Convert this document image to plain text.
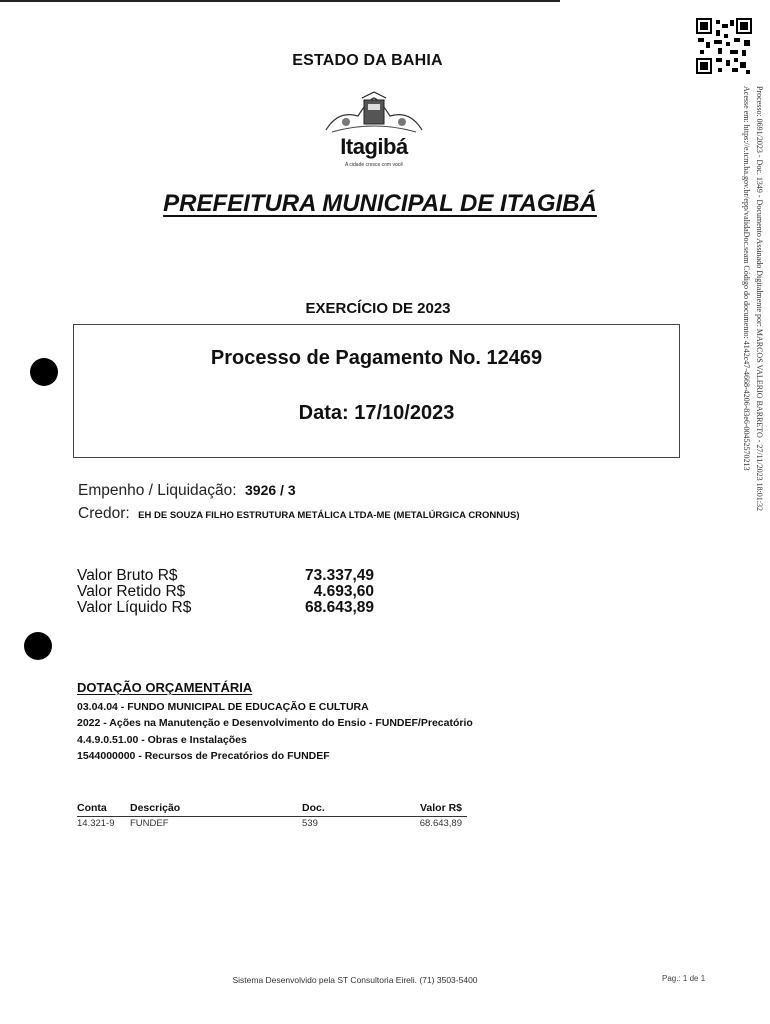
ESTADO DA BAHIA
Itagibá
A cidade cresce com você
PREFEITURA MUNICIPAL DE ITAGIBÁ
EXERCÍCIO DE 2023
Processo de Pagamento No. 12469
Data: 17/10/2023
Empenho / Liquidação: 3926 / 3
Credor: EH DE SOUZA FILHO ESTRUTURA METÁLICA LTDA-ME (METALÚRGICA CRONNUS)
Valor Bruto R$	73.337,49
Valor Retido R$	4.693,60
Valor Líquido R$	68.643,89
DOTAÇÃO ORÇAMENTÁRIA
03.04.04 - FUNDO MUNICIPAL DE EDUCAÇÃO E CULTURA
2022 - Ações na Manutenção e Desenvolvimento do Ensio - FUNDEF/Precatório
4.4.9.0.51.00 - Obras e Instalações
1544000000 - Recursos de Precatórios do FUNDEF
Conta Descrição	Doc.	Valor R$
14.321-9 FUNDEF	539	68.643,89
Sistema Desenvolvido pela ST Consultoria Eireli. (71) 3503-5400	Pag.: 1 de 1
Processo: 0691/2023 - Doc. 1349 - Documento Assinado Digitalmente por: MARCOS VALERIO BARRETO - 27/11/2023 18:01:32
Acesse em: https://e.tcm.ba.gov.br/epp/validaDoc.seam Código do documento: 4142c47-4668-4206-83e6-00452570213
